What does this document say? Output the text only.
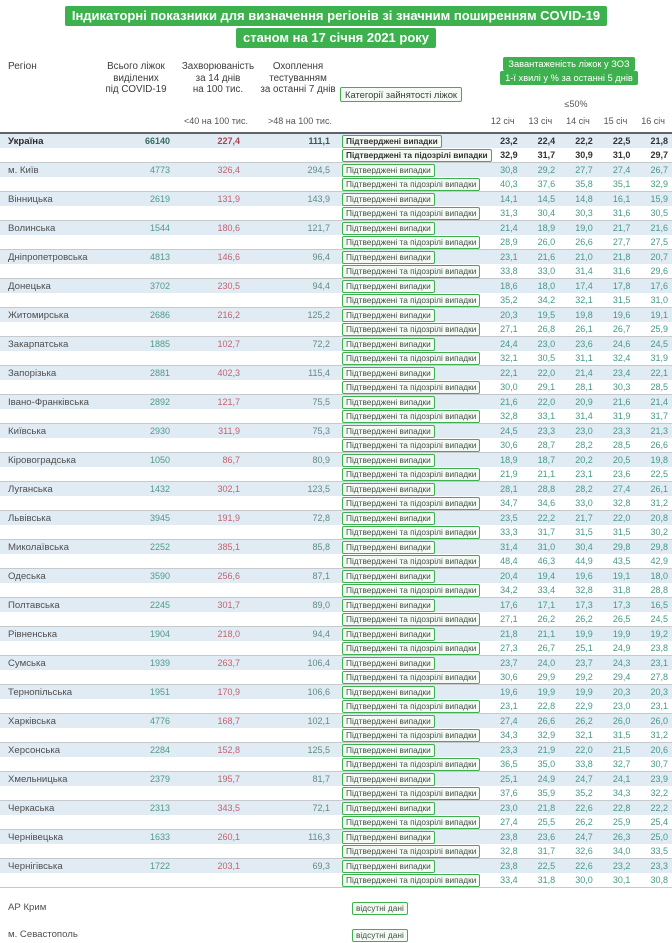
Індикаторні показники для визначення регіонів зі значним поширенням COVID-19
станом на 17 січня 2021 року
Регіон	Всього ліжок
виділених
під COVID-19
Захворюваність
за 14 днів
на 100 тис.
Охоплення
тестуванням
за останні 7 днів Категорії зайнятості ліжок
Завантаженість ліжок у ЗОЗ
1-ї хвилі у % за останні 5 днів
≤50%
<40 на 100 тис.	>48 на 100 тис.	12 січ	13 січ	14 січ	15 січ	16 січ
Україна	66140	227,4	111,1	Підтверджені випадки	23,2	22,4	22,2	22,5	21,8
Підтверджені та підозрілі випадки	32,9	31,7	30,9	31,0	29,7
м. Київ	4773	326,4	294,5	Підтверджені випадки	30,8	29,2	27,7	27,4	26,7
Підтверджені та підозрілі випадки	40,3	37,6	35,8	35,1	32,9
Вінницька	2619	131,9	143,9	Підтверджені випадки	14,1	14,5	14,8	16,1	15,9
Підтверджені та підозрілі випадки	31,3	30,4	30,3	31,6	30,5
Волинська	1544	180,6	121,7	Підтверджені випадки	21,4	18,9	19,0	21,7	21,6
Підтверджені та підозрілі випадки	28,9	26,0	26,6	27,7	27,5
Дніпропетровська	4813	146,6	96,4	Підтверджені випадки	23,1	21,6	21,0	21,8	20,7
Підтверджені та підозрілі випадки	33,8	33,0	31,4	31,6	29,6
Донецька	3702	230,5	94,4	Підтверджені випадки	18,6	18,0	17,4	17,8	17,6
Підтверджені та підозрілі випадки	35,2	34,2	32,1	31,5	31,0
Житомирська	2686	216,2	125,2	Підтверджені випадки	20,3	19,5	19,8	19,6	19,1
Підтверджені та підозрілі випадки	27,1	26,8	26,1	26,7	25,9
Закарпатська	1885	102,7	72,2	Підтверджені випадки	24,4	23,0	23,6	24,6	24,5
Підтверджені та підозрілі випадки	32,1	30,5	31,1	32,4	31,9
Запорізька	2881	402,3	115,4	Підтверджені випадки	22,1	22,0	21,4	23,4	22,1
Підтверджені та підозрілі випадки	30,0	29,1	28,1	30,3	28,5
Івано-Франківська	2892	121,7	75,5	Підтверджені випадки	21,6	22,0	20,9	21,6	21,4
Підтверджені та підозрілі випадки	32,8	33,1	31,4	31,9	31,7
Київська	2930	311,9	75,3	Підтверджені випадки	24,5	23,3	23,0	23,3	21,3
Підтверджені та підозрілі випадки	30,6	28,7	28,2	28,5	26,6
Кіровоградська	1050	86,7	80,9	Підтверджені випадки	18,9	18,7	20,2	20,5	19,8
Підтверджені та підозрілі випадки	21,9	21,1	23,1	23,6	22,5
Луганська	1432	302,1	123,5	Підтверджені випадки	28,1	28,8	28,2	27,4	26,1
Підтверджені та підозрілі випадки	34,7	34,6	33,0	32,8	31,2
Львівська	3945	191,9	72,8	Підтверджені випадки	23,5	22,2	21,7	22,0	20,8
Підтверджені та підозрілі випадки	33,3	31,7	31,5	31,5	30,2
Миколаївська	2252	385,1	85,8	Підтверджені випадки	31,4	31,0	30,4	29,8	29,8
Підтверджені та підозрілі випадки	48,4	46,3	44,9	43,5	42,9
Одеська	3590	256,6	87,1	Підтверджені випадки	20,4	19,4	19,6	19,1	18,0
Підтверджені та підозрілі випадки	34,2	33,4	32,8	31,8	28,8
Полтавська	2245	301,7	89,0	Підтверджені випадки	17,6	17,1	17,3	17,3	16,5
Підтверджені та підозрілі випадки	27,1	26,2	26,2	26,5	24,5
Рівненська	1904	218,0	94,4	Підтверджені випадки	21,8	21,1	19,9	19,9	19,2
Підтверджені та підозрілі випадки	27,3	26,7	25,1	24,9	23,8
Сумська	1939	263,7	106,4	Підтверджені випадки	23,7	24,0	23,7	24,3	23,1
Підтверджені та підозрілі випадки	30,6	29,9	29,2	29,4	27,8
Тернопільська	1951	170,9	106,6	Підтверджені випадки	19,6	19,9	19,9	20,3	20,3
Підтверджені та підозрілі випадки	23,1	22,8	22,9	23,0	23,1
Харківська	4776	168,7	102,1	Підтверджені випадки	27,4	26,6	26,2	26,0	26,0
Підтверджені та підозрілі випадки	34,3	32,9	32,1	31,5	31,2
Херсонська	2284	152,8	125,5	Підтверджені випадки	23,3	21,9	22,0	21,5	20,6
Підтверджені та підозрілі випадки	36,5	35,0	33,8	32,7	30,7
Хмельницька	2379	195,7	81,7	Підтверджені випадки	25,1	24,9	24,7	24,1	23,9
Підтверджені та підозрілі випадки	37,6	35,9	35,2	34,3	32,2
Черкаська	2313	343,5	72,1	Підтверджені випадки	23,0	21,8	22,6	22,8	22,2
Підтверджені та підозрілі випадки	27,4	25,5	26,2	25,9	25,4
Чернівецька	1633	260,1	116,3	Підтверджені випадки	23,8	23,6	24,7	26,3	25,0
Підтверджені та підозрілі випадки	32,8	31,7	32,6	34,0	33,5
Чернігівська	1722	203,1	69,3	Підтверджені випадки	23,8	22,5	22,6	23,2	23,3
Підтверджені та підозрілі випадки	33,4	31,8	30,0	30,1	30,8
АР Крим	відсутні дані
м. Севастополь	відсутні дані
